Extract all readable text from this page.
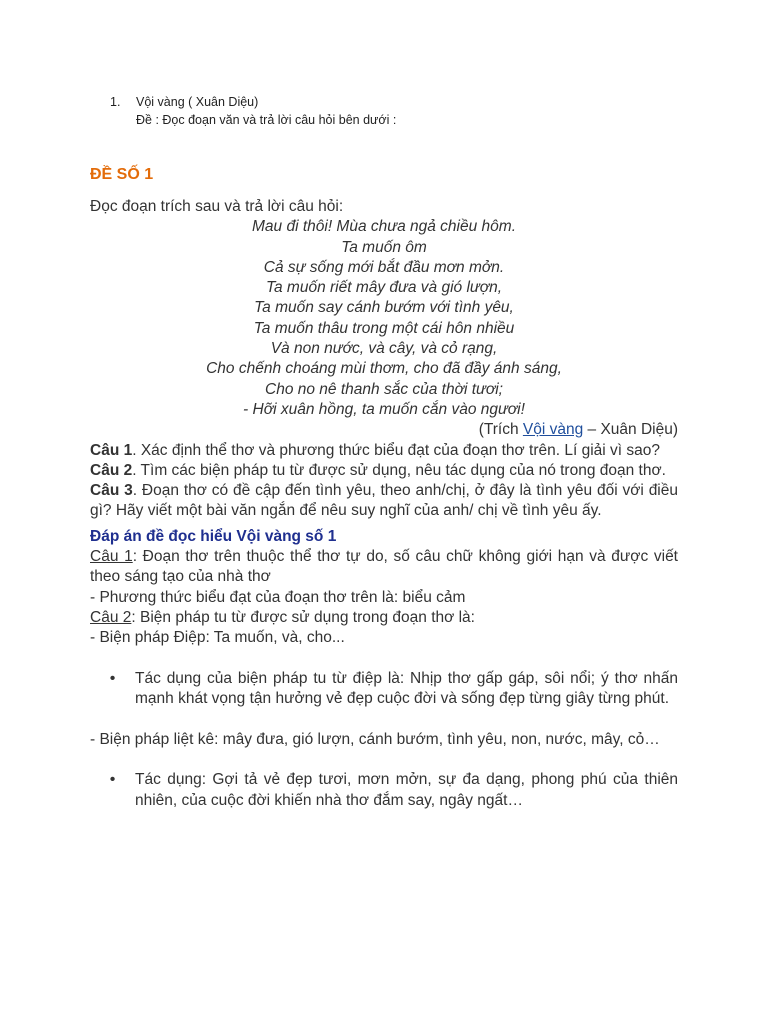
1. Vội vàng ( Xuân Diệu)
Đề : Đọc đoạn văn và trả lời câu hỏi bên dưới :
ĐỀ SỐ 1

Đọc đoạn trích sau và trả lời câu hỏi:

Mau đi thôi! Mùa chưa ngả chiều hôm.
Ta muốn ôm
Cả sự sống mới bắt đầu mơn mởn.
Ta muốn riết mây đưa và gió lượn,
Ta muốn say cánh bướm với tình yêu,
Ta muốn thâu trong một cái hôn nhiều
Và non nước, và cây, và cỏ rạng,
Cho chếnh choáng mùi thơm, cho đã đầy ánh sáng,
Cho no nê thanh sắc của thời tươi;
- Hỡi xuân hồng, ta muốn cắn vào ngươi!

(Trích Vội vàng – Xuân Diệu)

Câu 1. Xác định thể thơ và phương thức biểu đạt của đoạn thơ trên. Lí giải vì sao?

Câu 2. Tìm các biện pháp tu từ được sử dụng, nêu tác dụng của nó trong đoạn thơ.

Câu 3. Đoạn thơ có đề cập đến tình yêu, theo anh/chị, ở đây là tình yêu đối với điều gì? Hãy viết một bài văn ngắn để nêu suy nghĩ của anh/ chị về tình yêu ấy.

Đáp án đề đọc hiểu Vội vàng số 1

Câu 1: Đoạn thơ trên thuộc thể thơ tự do, số câu chữ không giới hạn và được viết theo sáng tạo của nhà thơ

- Phương thức biểu đạt của đoạn thơ trên là: biểu cảm

Câu 2: Biện pháp tu từ được sử dụng trong đoạn thơ là:

- Biện pháp Điệp: Ta muốn, và, cho...

•	Tác dụng của biện pháp tu từ điệp là: Nhịp thơ gấp gáp, sôi nổi; ý thơ nhấn mạnh khát vọng tận hưởng vẻ đẹp cuộc đời và sống đẹp từng giây từng phút.

- Biện pháp liệt kê: mây đưa, gió lượn, cánh bướm, tình yêu, non, nước, mây, cỏ…

•	Tác dụng: Gợi tả vẻ đẹp tươi, mơn mởn, sự đa dạng, phong phú của thiên nhiên, của cuộc đời khiến nhà thơ đắm say, ngây ngất…
